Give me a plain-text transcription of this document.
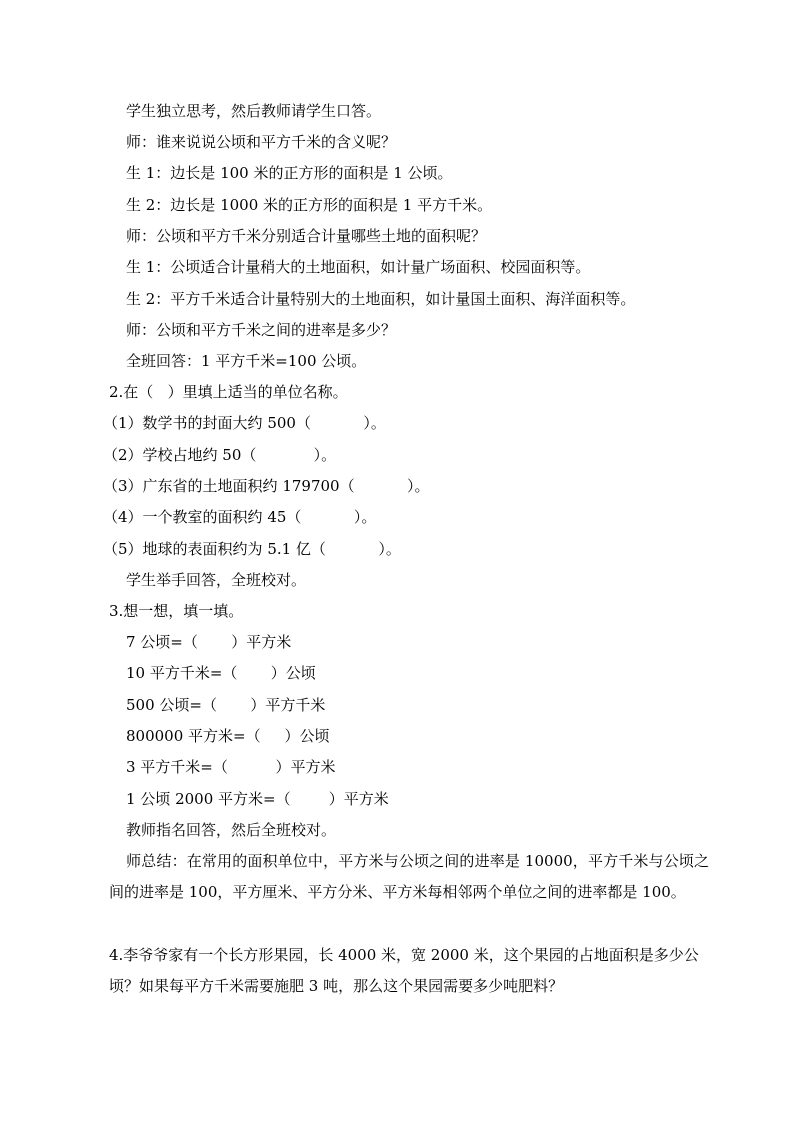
学生独立思考，然后教师请学生口答。
师：谁来说说公顷和平方千米的含义呢？
生 1：边长是 100 米的正方形的面积是 1 公顷。
生 2：边长是 1000 米的正方形的面积是 1 平方千米。
师：公顷和平方千米分别适合计量哪些土地的面积呢？
生 1：公顷适合计量稍大的土地面积，如计量广场面积、校园面积等。
生 2：平方千米适合计量特别大的土地面积，如计量国土面积、海洋面积等。
师：公顷和平方千米之间的进率是多少？
全班回答：1 平方千米=100 公顷。
2.在（   ）里填上适当的单位名称。
（1）数学书的封面大约 500（           ）。
（2）学校占地约 50（            ）。
（3）广东省的土地面积约 179700（           ）。
（4）一个教室的面积约 45（           ）。
（5）地球的表面积约为 5.1 亿（           ）。
学生举手回答，全班校对。
3.想一想，填一填。
7 公顷=（       ）平方米
10 平方千米=（       ）公顷
500 公顷=（       ）平方千米
800000 平方米=（     ）公顷
3 平方千米=（          ）平方米
1 公顷 2000 平方米=（        ）平方米
教师指名回答，然后全班校对。
师总结：在常用的面积单位中，平方米与公顷之间的进率是 10000，平方千米与公顷之间的进率是 100，平方厘米、平方分米、平方米每相邻两个单位之间的进率都是 100。
4.李爷爷家有一个长方形果园，长 4000 米，宽 2000 米，这个果园的占地面积是多少公
顷？如果每平方千米需要施肥 3 吨，那么这个果园需要多少吨肥料？
